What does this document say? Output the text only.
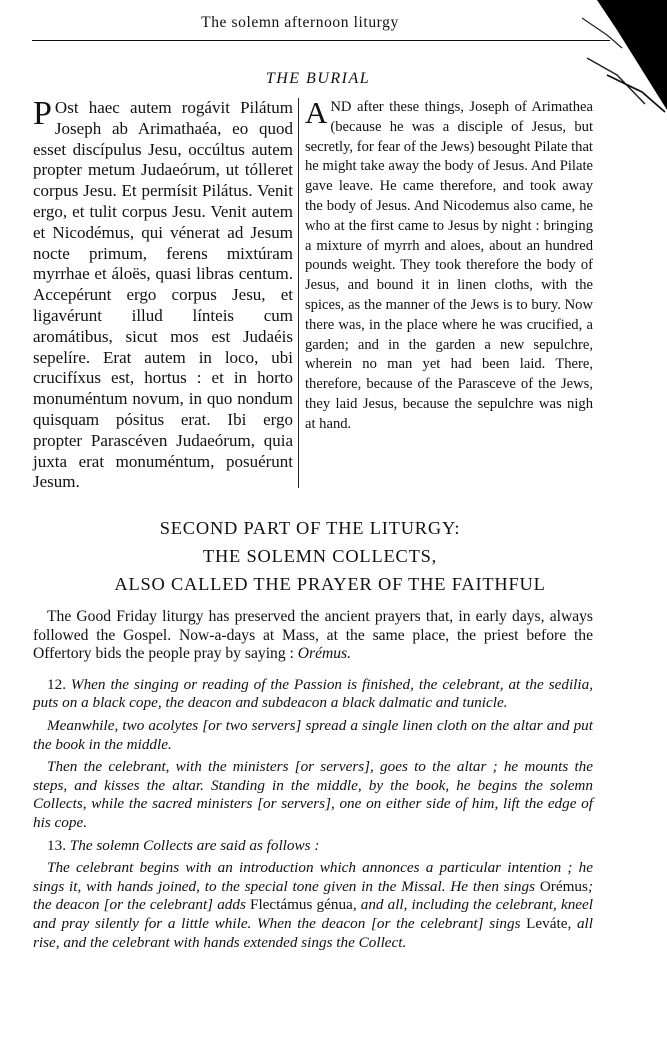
The solemn afternoon liturgy
THE BURIAL

P Ost haec autem rogávit Pilátum Joseph ab Arimathaéa, eo quod esset discípulus Jesu, occúltus autem propter metum Judaeórum, ut tólleret corpus Jesu. Et permísit Pilátus. Venit ergo, et tulit corpus Jesu. Venit autem et Nicodémus, qui vénerat ad Jesum nocte primum, ferens mixtúram myrrhae et áloës, quasi libras centum. Accepérunt ergo corpus Jesu, et ligavérunt illud línteis cum aromátibus, sicut mos est Judaéis sepelíre. Erat autem in loco, ubi crucifíxus est, hortus : et in horto monuméntum novum, in quo nondum quisquam pósitus erat. Ibi ergo propter Parascéven Judaeórum, quia juxta erat monuméntum, posuérunt Jesum.

AND after these things, Joseph of Arimathea (because he was a disciple of Jesus, but secretly, for fear of the Jews) besought Pilate that he might take away the body of Jesus. And Pilate gave leave. He came therefore, and took away the body of Jesus. And Nicodemus also came, he who at the first came to Jesus by night : bringing a mixture of myrrh and aloes, about an hundred pounds weight. They took therefore the body of Jesus, and bound it in linen cloths, with the spices, as the manner of the Jews is to bury. Now there was, in the place where he was crucified, a garden; and in the garden a new sepulchre, wherein no man yet had been laid. There, therefore, because of the Parasceve of the Jews, they laid Jesus, because the sepulchre was nigh at hand.

SECOND PART OF THE LITURGY:
THE SOLEMN COLLECTS,
ALSO CALLED THE PRAYER OF THE FAITHFUL

The Good Friday liturgy has preserved the ancient prayers that, in early days, always followed the Gospel. Now-a-days at Mass, at the same place, the priest before the Offertory bids the people pray by saying : Orémus.

12. When the singing or reading of the Passion is finished, the celebrant, at the sedilia, puts on a black cope, the deacon and subdeacon a black dalmatic and tunicle.

Meanwhile, two acolytes [or two servers] spread a single linen cloth on the altar and put the book in the middle.

Then the celebrant, with the ministers [or servers], goes to the altar ; he mounts the steps, and kisses the altar. Standing in the middle, by the book, he begins the solemn Collects, while the sacred ministers [or servers], one on either side of him, lift the edge of his cope.

13. The solemn Collects are said as follows :

The celebrant begins with an introduction which annonces a particular intention ; he sings it, with hands joined, to the special tone given in the Missal. He then sings Orémus; the deacon [or the celebrant] adds Flectámus génua, and all, including the celebrant, kneel and pray silently for a little while. When the deacon [or the celebrant] sings Leváte, all rise, and the celebrant with hands extended sings the Collect.
